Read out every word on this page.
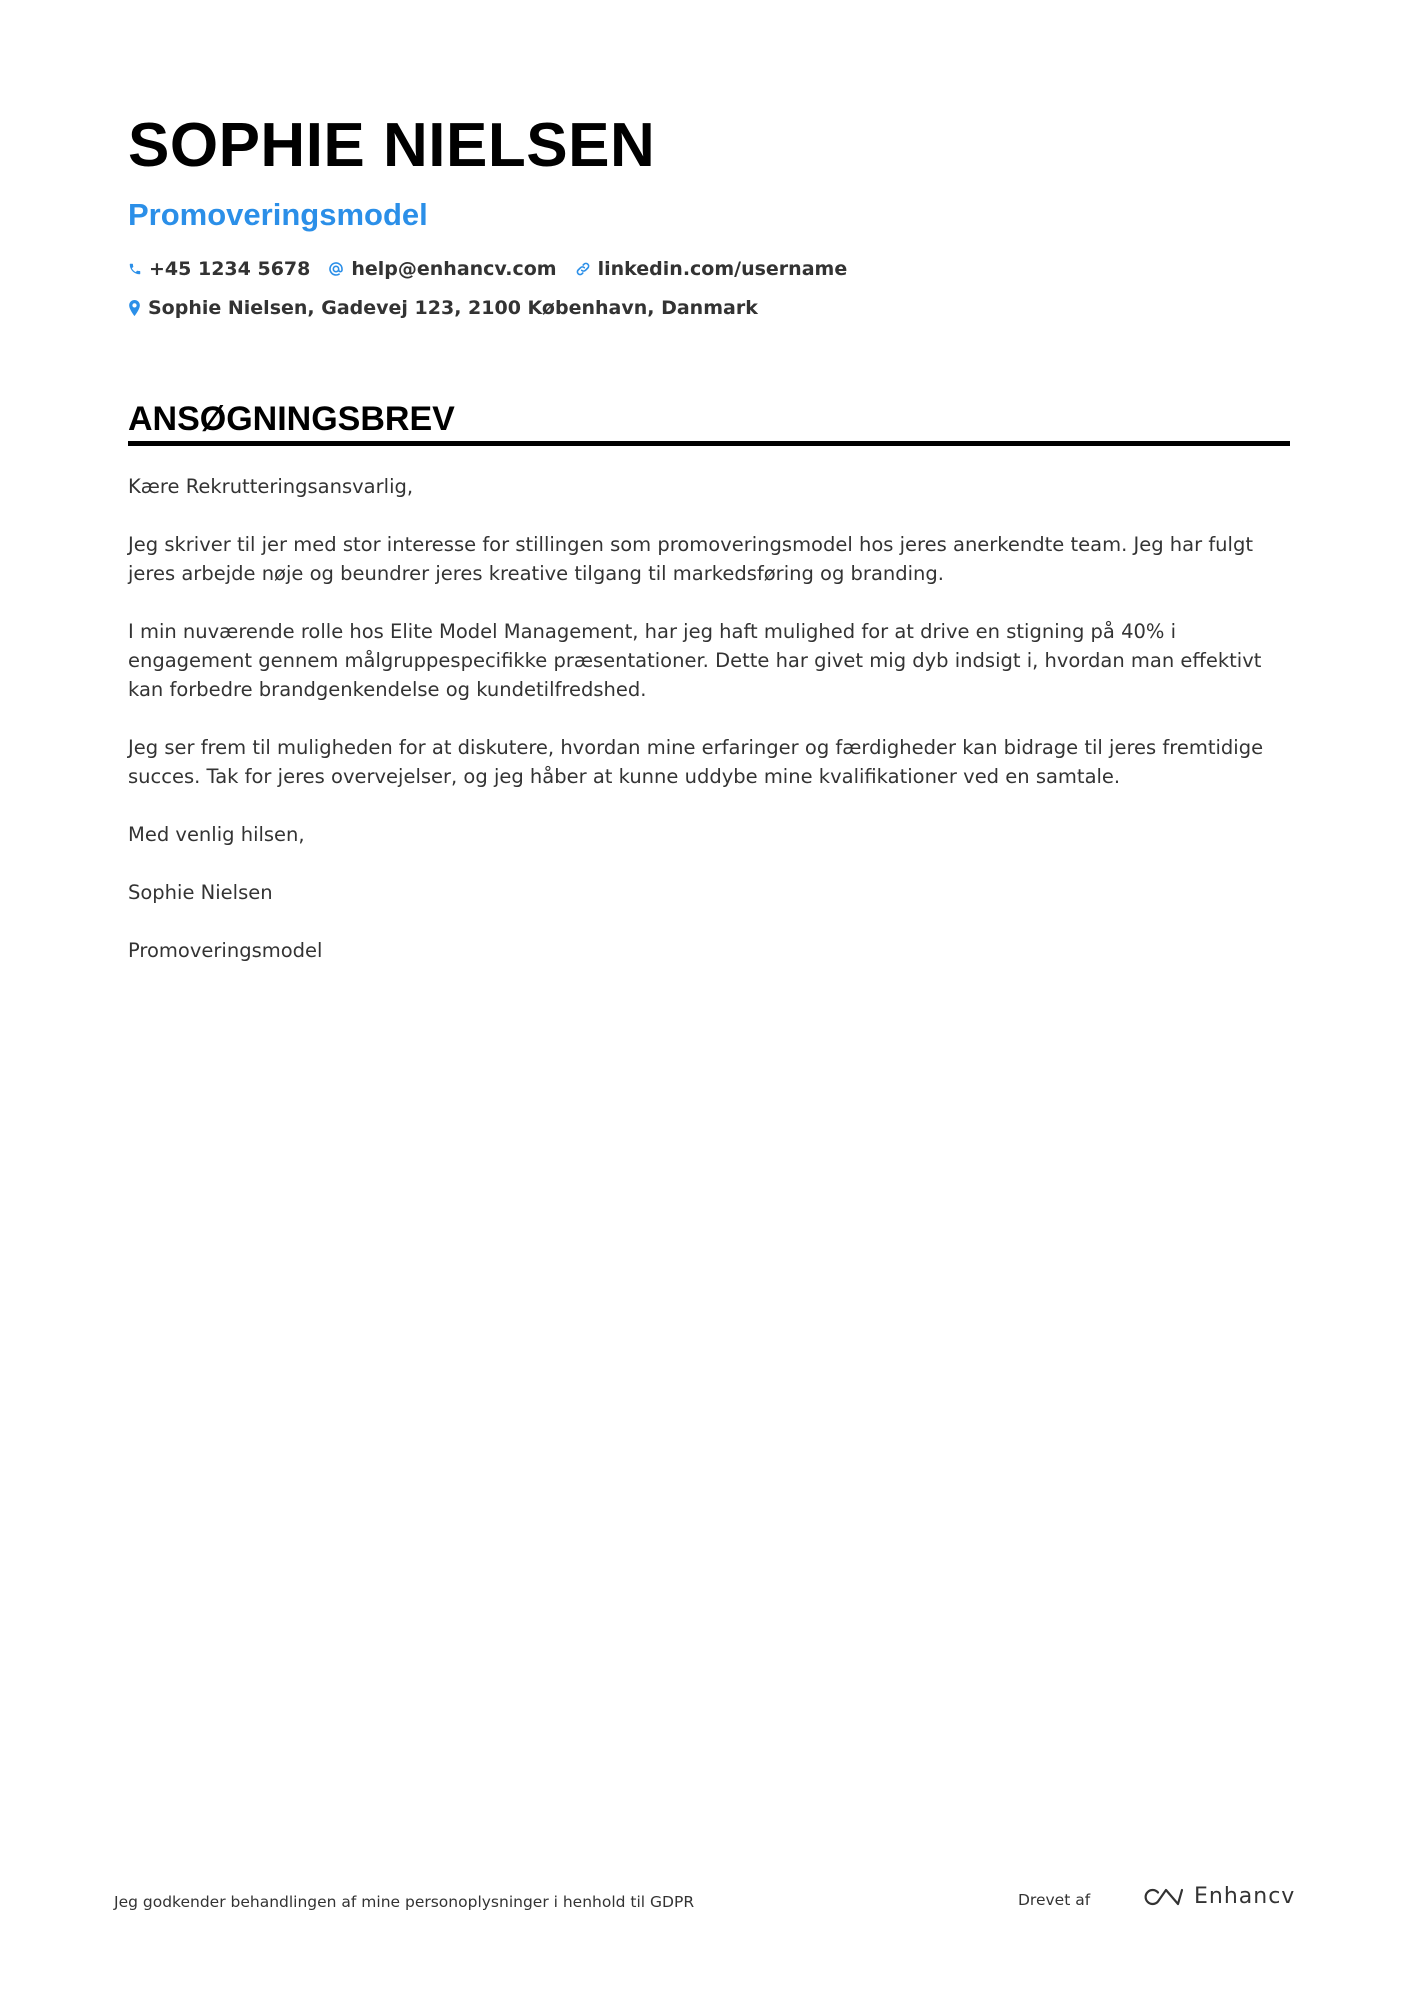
SOPHIE NIELSEN
Promoveringsmodel
+45 1234 5678 help@enhancv.com linkedin.com/username
Sophie Nielsen, Gadevej 123, 2100 København, Danmark
ANSØGNINGSBREV

Kære Rekrutteringsansvarlig,

Jeg skriver til jer med stor interesse for stillingen som promoveringsmodel hos jeres anerkendte team. Jeg har fulgt jeres arbejde nøje og beundrer jeres kreative tilgang til markedsføring og branding.

I min nuværende rolle hos Elite Model Management, har jeg haft mulighed for at drive en stigning på 40% i engagement gennem målgruppespecifikke præsentationer. Dette har givet mig dyb indsigt i, hvordan man effektivt kan forbedre brandgenkendelse og kundetilfredshed.

Jeg ser frem til muligheden for at diskutere, hvordan mine erfaringer og færdigheder kan bidrage til jeres fremtidige succes. Tak for jeres overvejelser, og jeg håber at kunne uddybe mine kvalifikationer ved en samtale.

Med venlig hilsen,

Sophie Nielsen

Promoveringsmodel

Jeg godkender behandlingen af mine personoplysninger i henhold til GDPR	Drevet af	Enhancv
